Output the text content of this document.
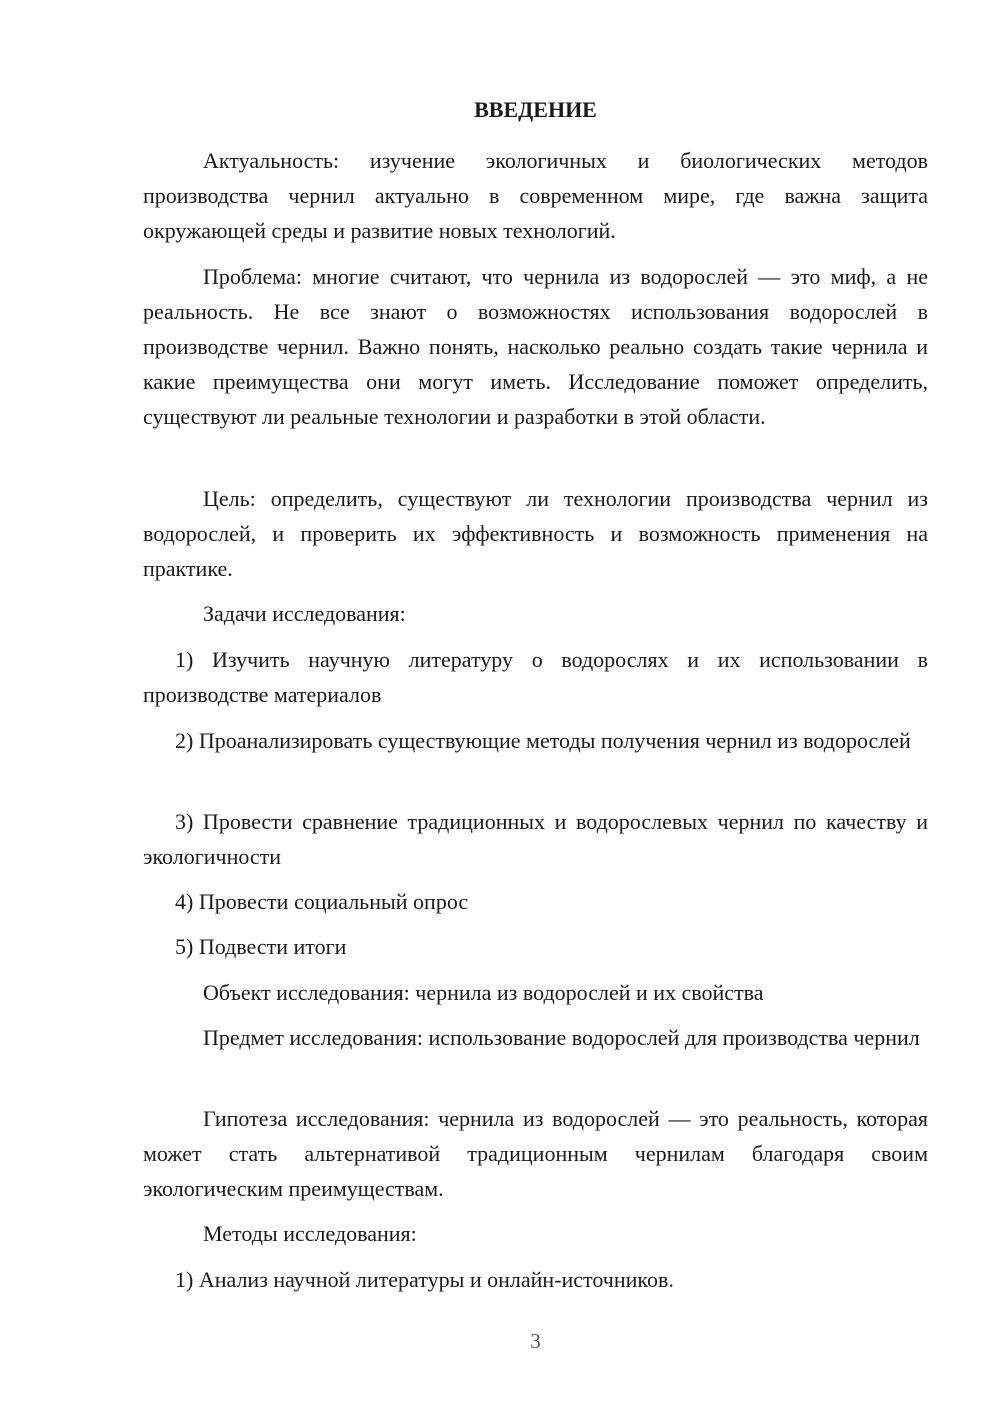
ВВЕДЕНИЕ

Актуальность: изучение экологичных и биологических методов производства чернил актуально в современном мире, где важна защита окружающей среды и развитие новых технологий.

Проблема: многие считают, что чернила из водорослей — это миф, а не реальность. Не все знают о возможностях использования водорослей в производстве чернил. Важно понять, насколько реально создать такие чернила и какие преимущества они могут иметь. Исследование поможет определить, существуют ли реальные технологии и разработки в этой области.

Цель: определить, существуют ли технологии производства чернил из водорослей, и проверить их эффективность и возможность применения на практике.

Задачи исследования:

1) Изучить научную литературу о водорослях и их использовании в производстве материалов

2) Проанализировать существующие методы получения чернил из водорослей

3) Провести сравнение традиционных и водорослевых чернил по качеству и экологичности

4) Провести социальный опрос

5) Подвести итоги

Объект исследования: чернила из водорослей и их свойства

Предмет исследования: использование водорослей для производства чернил

Гипотеза исследования: чернила из водорослей — это реальность, которая может стать альтернативой традиционным чернилам благодаря своим экологическим преимуществам.

Методы исследования:

1) Анализ научной литературы и онлайн-источников.

3
